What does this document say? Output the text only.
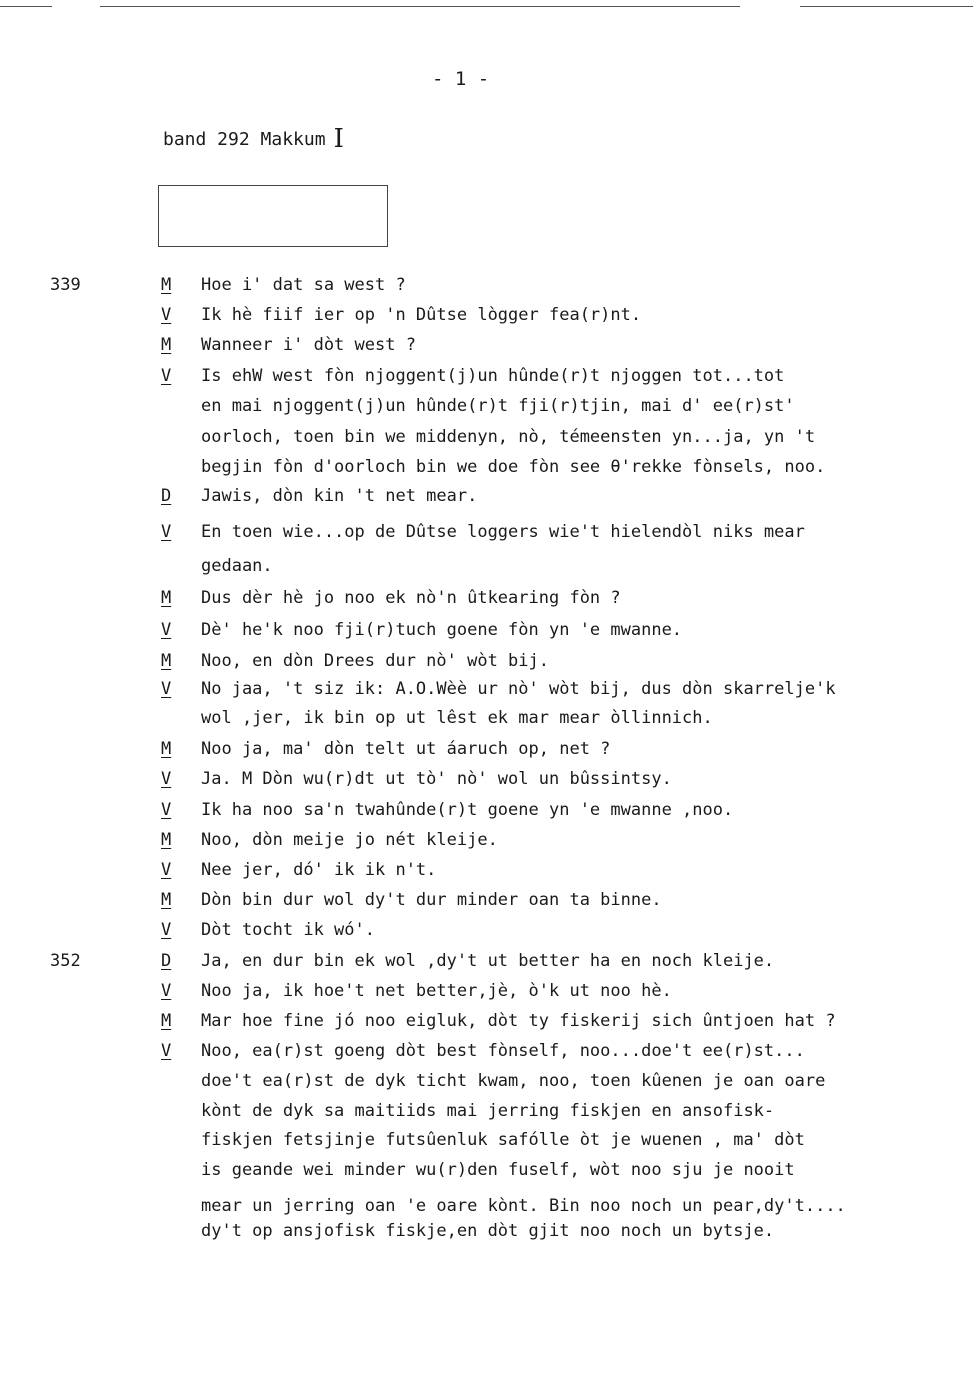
- 1 -
band 292 Makkum I
339
352
M Hoe i' dat sa west ?
V Ik hè fiif ier op 'n Dûtse lògger fea(r)nt.
M Wanneer i' dòt west ?
V Is ehW west fòn njoggent(j)un hûnde(r)t njoggen tot...tot
en mai njoggent(j)un hûnde(r)t fji(r)tjin, mai d' ee(r)st'
oorloch, toen bin we middenyn, nò, témeensten yn...ja, yn 't
begjin fòn d'oorloch bin we doe fòn see θ'rekke fònsels, noo.
D Jawis, dòn kin 't net mear.
V En toen wie...op de Dûtse loggers wie't hielendòl niks mear
gedaan.
M Dus dèr hè jo noo ek nò'n ûtkearing fòn ?
V Dè' he'k noo fji(r)tuch goene fòn yn 'e mwanne.
M Noo, en dòn Drees dur nò' wòt bij.
V No jaa, 't siz ik: A.O.Wèè ur nò' wòt bij, dus dòn skarrelje'k
wol ,jer, ik bin op ut lêst ek mar mear òllinnich.
M Noo ja, ma' dòn telt ut áaruch op, net ?
V Ja. M Dòn wu(r)dt ut tò' nò' wol un bûssintsy.
V Ik ha noo sa'n twahûnde(r)t goene yn 'e mwanne ,noo.
M Noo, dòn meije jo nét kleije.
V Nee jer, dó' ik ik n't.
M Dòn bin dur wol dy't dur minder oan ta binne.
V Dòt tocht ik wó'.
D Ja, en dur bin ek wol ,dy't ut better ha en noch kleije.
V Noo ja, ik hoe't net better,jè, ò'k ut noo hè.
M Mar hoe fine jó noo eigluk, dòt ty fiskerij sich ûntjoen hat ?
V Noo, ea(r)st goeng dòt best fònself, noo...doe't ee(r)st...
doe't ea(r)st de dyk ticht kwam, noo, toen kûenen je oan oare
kònt de dyk sa maitiids mai jerring fiskjen en ansofisk-
fiskjen fetsjinje futsûenluk safólle òt je wuenen , ma' dòt
is geande wei minder wu(r)den fuself, wòt noo sju je nooit
mear un jerring oan 'e oare kònt. Bin noo noch un pear,dy't....
dy't op ansjofisk fiskje,en dòt gjit noo noch un bytsje.
